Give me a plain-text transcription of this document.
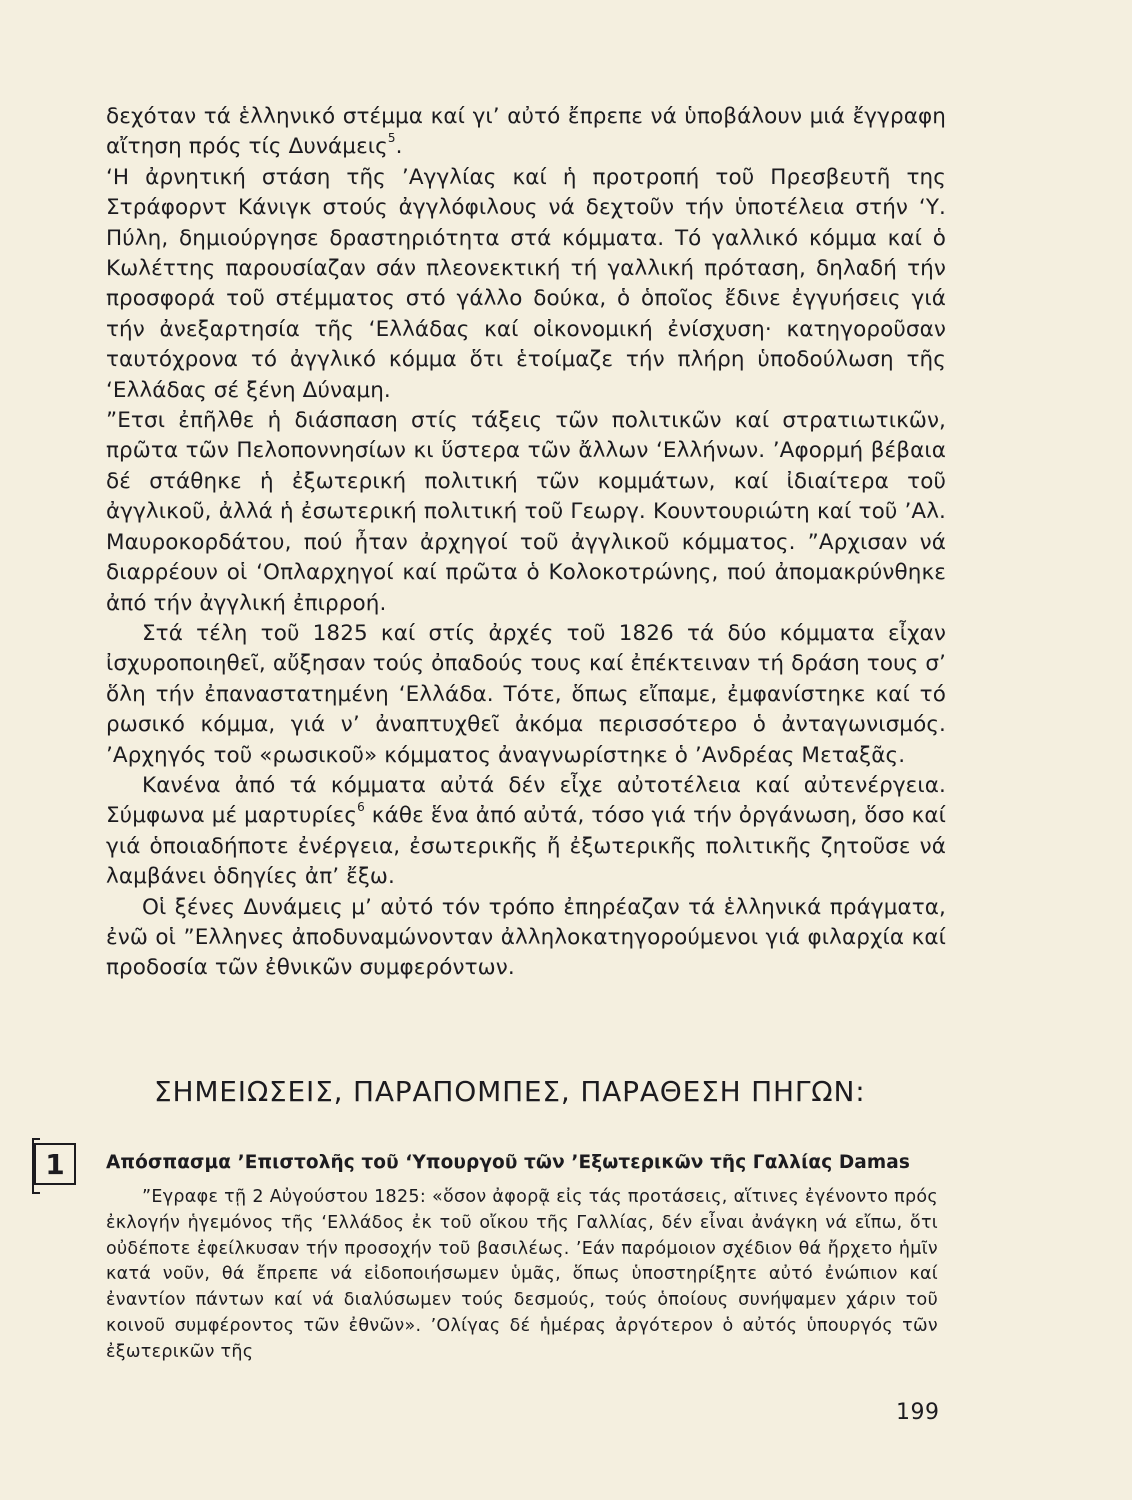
δεχόταν τά ἑλληνικό στέμμα καί γι’ αὐτό ἔπρεπε νά ὑποβάλουν μιά ἔγγραφη αἴτηση πρός τίς Δυνάμεις$^5$.

‘Η ἀρνητική στάση τῆς ’Αγγλίας καί ἡ προτροπή τοῦ Πρεσβευτῆ της Στράφορντ Κάνιγκ στούς ἀγγλόφιλους νά δεχτοῦν τήν ὑποτέλεια στήν ‘Υ. Πύλη, δημιούργησε δραστηριότητα στά κόμματα. Τό γαλλικό κόμμα καί ὁ Κωλέττης παρουσίαζαν σάν πλεονεκτική τή γαλλική πρόταση, δηλαδή τήν προσφορά τοῦ στέμματος στό γάλλο δούκα, ὁ ὁποῖος ἔδινε ἐγγυήσεις γιά τήν ἀνεξαρτησία τῆς ‘Ελλάδας καί οἰκονομική ἐνίσχυση· κατηγοροῦσαν ταυτόχρονα τό ἀγγλικό κόμμα ὅτι ἑτοίμαζε τήν πλήρη ὑποδούλωση τῆς ‘Ελλάδας σέ ξένη Δύναμη.

”Ετσι ἐπῆλθε ἡ διάσπαση στίς τάξεις τῶν πολιτικῶν καί στρατιωτικῶν, πρῶτα τῶν Πελοποννησίων κι ὕστερα τῶν ἄλλων ‘Ελλήνων. ’Αφορμή βέβαια δέ στάθηκε ἡ ἐξωτερική πολιτική τῶν κομμάτων, καί ἰδιαίτερα τοῦ ἀγγλικοῦ, ἀλλά ἡ ἐσωτερική πολιτική τοῦ Γεωργ. Κουντουριώτη καί τοῦ ’Αλ. Μαυροκορδάτου, πού ἦταν ἀρχηγοί τοῦ ἀγγλικοῦ κόμματος. ”Αρχισαν νά διαρρέουν οἱ ‘Οπλαρχηγοί καί πρῶτα ὁ Κολοκοτρώνης, πού ἀπομακρύνθηκε ἀπό τήν ἀγγλική ἐπιρροή.

Στά τέλη τοῦ 1825 καί στίς ἀρχές τοῦ 1826 τά δύο κόμματα εἶχαν ἰσχυροποιηθεῖ, αὔξησαν τούς ὀπαδούς τους καί ἐπέκτειναν τή δράση τους σ’ ὅλη τήν ἐπαναστατημένη ‘Ελλάδα. Τότε, ὅπως εἴπαμε, ἐμφανίστηκε καί τό ρωσικό κόμμα, γιά ν’ ἀναπτυχθεῖ ἀκόμα περισσότερο ὁ ἀνταγωνισμός. ’Αρχηγός τοῦ «ρωσικοῦ» κόμματος ἀναγνωρίστηκε ὁ ’Ανδρέας Μεταξᾶς.

Κανένα ἀπό τά κόμματα αὐτά δέν εἶχε αὐτοτέλεια καί αὐτενέργεια. Σύμφωνα μέ μαρτυρίες$^6$ κάθε ἕνα ἀπό αὐτά, τόσο γιά τήν ὀργάνωση, ὅσο καί γιά ὁποιαδήποτε ἐνέργεια, ἐσωτερικῆς ἤ ἐξωτερικῆς πολιτικῆς ζητοῦσε νά λαμβάνει ὁδηγίες ἀπ’ ἔξω.

Οἱ ξένες Δυνάμεις μ’ αὐτό τόν τρόπο ἐπηρέαζαν τά ἑλληνικά πράγματα, ἐνῶ οἱ ”Ελληνες ἀποδυναμώνονταν ἀλληλοκατηγορούμενοι γιά φιλαρχία καί προδοσία τῶν ἐθνικῶν συμφερόντων.

ΣΗΜΕΙΩΣΕΙΣ, ΠΑΡΑΠΟΜΠΕΣ, ΠΑΡΑΘΕΣΗ ΠΗΓΩΝ:
1	Απόσπασμα ’Επιστολῆς τοῦ ‘Υπουργοῦ τῶν ’Εξωτερικῶν τῆς Γαλλίας Damas

”Εγραφε τῇ 2 Αὐγούστου 1825: «ὅσον ἀφορᾷ εἰς τάς προτάσεις, αἵτινες ἐγένοντο πρός ἐκλογήν ἡγεμόνος τῆς ‘Ελλάδος ἐκ τοῦ οἴκου τῆς Γαλλίας, δέν εἶναι ἀνάγκη νά εἴπω, ὅτι οὐδέποτε ἐφείλκυσαν τήν προσοχήν τοῦ βασιλέως. ’Εάν παρόμοιον σχέδιον θά ἤρχετο ἡμῖν κατά νοῦν, θά ἔπρεπε νά εἰδοποιήσωμεν ὑμᾶς, ὅπως ὑποστηρίξητε αὐτό ἐνώπιον καί ἐναντίον πάντων καί νά διαλύσωμεν τούς δεσμούς, τούς ὁποίους συνήψαμεν χάριν τοῦ κοινοῦ συμφέροντος τῶν ἐθνῶν». ’Ολίγας δέ ἡμέρας ἀργότερον ὁ αὐτός ὑπουργός τῶν ἐξωτερικῶν τῆς

199
